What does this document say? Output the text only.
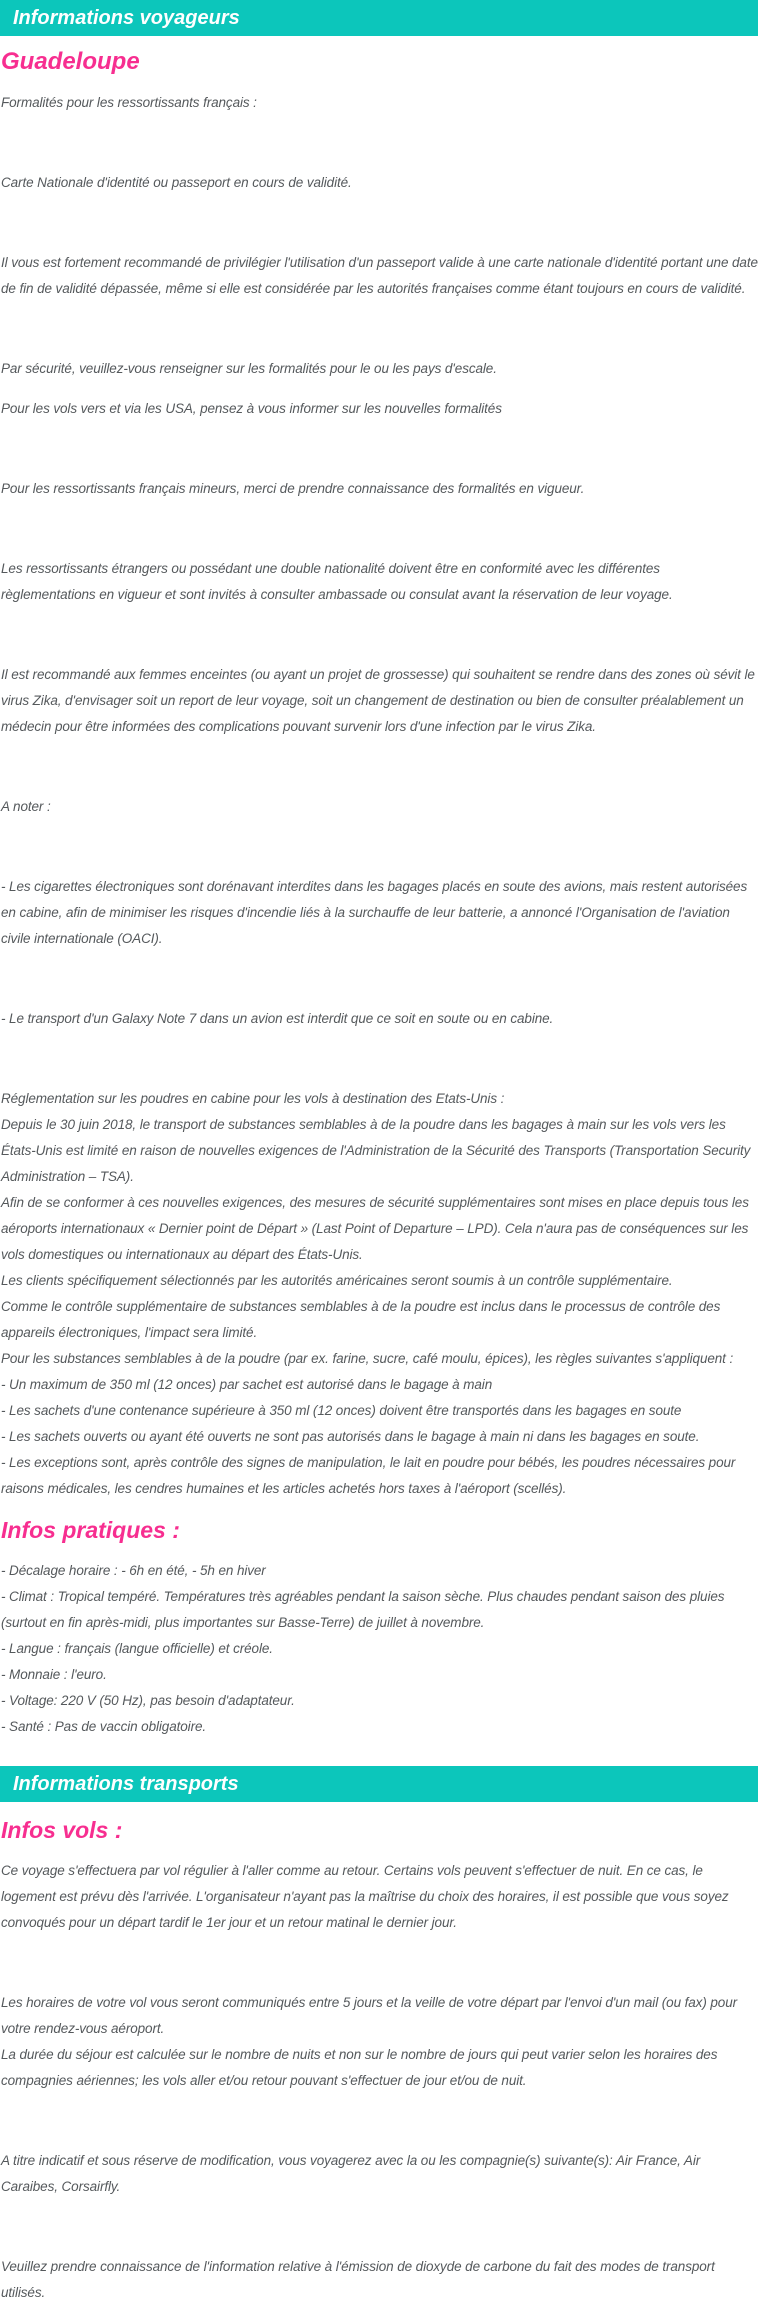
Informations voyageurs
Guadeloupe

Formalités pour les ressortissants français :

Carte Nationale d'identité ou passeport en cours de validité.

Il vous est fortement recommandé de privilégier l'utilisation d'un passeport valide à une carte nationale d'identité portant une date de fin de validité dépassée, même si elle est considérée par les autorités françaises comme étant toujours en cours de validité.

Par sécurité, veuillez-vous renseigner sur les formalités pour le ou les pays d'escale.

Pour les vols vers et via les USA, pensez à vous informer sur les nouvelles formalités

Pour les ressortissants français mineurs, merci de prendre connaissance des formalités en vigueur.

Les ressortissants étrangers ou possédant une double nationalité doivent être en conformité avec les différentes règlementations en vigueur et sont invités à consulter ambassade ou consulat avant la réservation de leur voyage.

Il est recommandé aux femmes enceintes (ou ayant un projet de grossesse) qui souhaitent se rendre dans des zones où sévit le virus Zika, d'envisager soit un report de leur voyage, soit un changement de destination ou bien de consulter préalablement un médecin pour être informées des complications pouvant survenir lors d'une infection par le virus Zika.

A noter :

- Les cigarettes électroniques sont dorénavant interdites dans les bagages placés en soute des avions, mais restent autorisées en cabine, afin de minimiser les risques d'incendie liés à la surchauffe de leur batterie, a annoncé l'Organisation de l'aviation civile internationale (OACI).

- Le transport d'un Galaxy Note 7 dans un avion est interdit que ce soit en soute ou en cabine.

Réglementation sur les poudres en cabine pour les vols à destination des Etats-Unis :

Depuis le 30 juin 2018, le transport de substances semblables à de la poudre dans les bagages à main sur les vols vers les États-Unis est limité en raison de nouvelles exigences de l'Administration de la Sécurité des Transports (Transportation Security Administration – TSA).

Afin de se conformer à ces nouvelles exigences, des mesures de sécurité supplémentaires sont mises en place depuis tous les aéroports internationaux « Dernier point de Départ » (Last Point of Departure – LPD). Cela n'aura pas de conséquences sur les vols domestiques ou internationaux au départ des États-Unis.

Les clients spécifiquement sélectionnés par les autorités américaines seront soumis à un contrôle supplémentaire.

Comme le contrôle supplémentaire de substances semblables à de la poudre est inclus dans le processus de contrôle des appareils électroniques, l'impact sera limité.

Pour les substances semblables à de la poudre (par ex. farine, sucre, café moulu, épices), les règles suivantes s'appliquent :

- Un maximum de 350 ml (12 onces) par sachet est autorisé dans le bagage à main

- Les sachets d'une contenance supérieure à 350 ml (12 onces) doivent être transportés dans les bagages en soute

- Les sachets ouverts ou ayant été ouverts ne sont pas autorisés dans le bagage à main ni dans les bagages en soute.

- Les exceptions sont, après contrôle des signes de manipulation, le lait en poudre pour bébés, les poudres nécessaires pour raisons médicales, les cendres humaines et les articles achetés hors taxes à l'aéroport (scellés).

Infos pratiques :

- Décalage horaire : - 6h en été, - 5h en hiver

- Climat : Tropical tempéré. Températures très agréables pendant la saison sèche. Plus chaudes pendant saison des pluies (surtout en fin après-midi, plus importantes sur Basse-Terre) de juillet à novembre.

- Langue : français (langue officielle) et créole.

- Monnaie : l'euro.

- Voltage: 220 V (50 Hz), pas besoin d'adaptateur.

- Santé : Pas de vaccin obligatoire.

Informations transports
Infos vols :

Ce voyage s'effectuera par vol régulier à l'aller comme au retour. Certains vols peuvent s'effectuer de nuit. En ce cas, le logement est prévu dès l'arrivée. L'organisateur n'ayant pas la maîtrise du choix des horaires, il est possible que vous soyez convoqués pour un départ tardif le 1er jour et un retour matinal le dernier jour.

Les horaires de votre vol vous seront communiqués entre 5 jours et la veille de votre départ par l'envoi d'un mail (ou fax) pour votre rendez-vous aéroport.

La durée du séjour est calculée sur le nombre de nuits et non sur le nombre de jours qui peut varier selon les horaires des compagnies aériennes; les vols aller et/ou retour pouvant s'effectuer de jour et/ou de nuit.

A titre indicatif et sous réserve de modification, vous voyagerez avec la ou les compagnie(s) suivante(s): Air France, Air Caraibes, Corsairfly.

Veuillez prendre connaissance de l'information relative à l'émission de dioxyde de carbone du fait des modes de transport utilisés.
